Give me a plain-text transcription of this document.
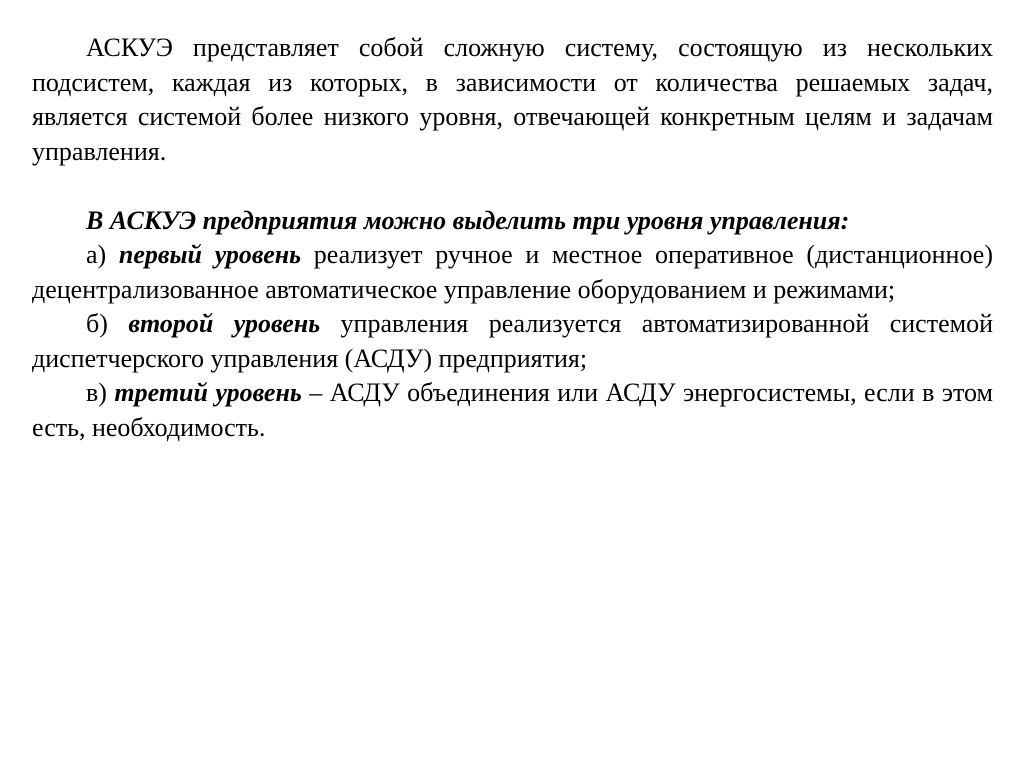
АСКУЭ представляет собой сложную систему, состоящую из нескольких подсистем, каждая из которых, в зависимости от количества решаемых задач, является системой более низкого уровня, отвечающей конкретным целям и задачам управления.

В АСКУЭ предприятия можно выделить три уровня управления:

а) первый уровень реализует ручное и местное оперативное (дистанционное) децентрализованное автоматическое управление оборудованием и режимами;

б) второй уровень управления реализуется автоматизированной системой диспетчерского управления (АСДУ) предприятия;

в) третий уровень – АСДУ объединения или АСДУ энергосистемы, если в этом есть, необходимость.
